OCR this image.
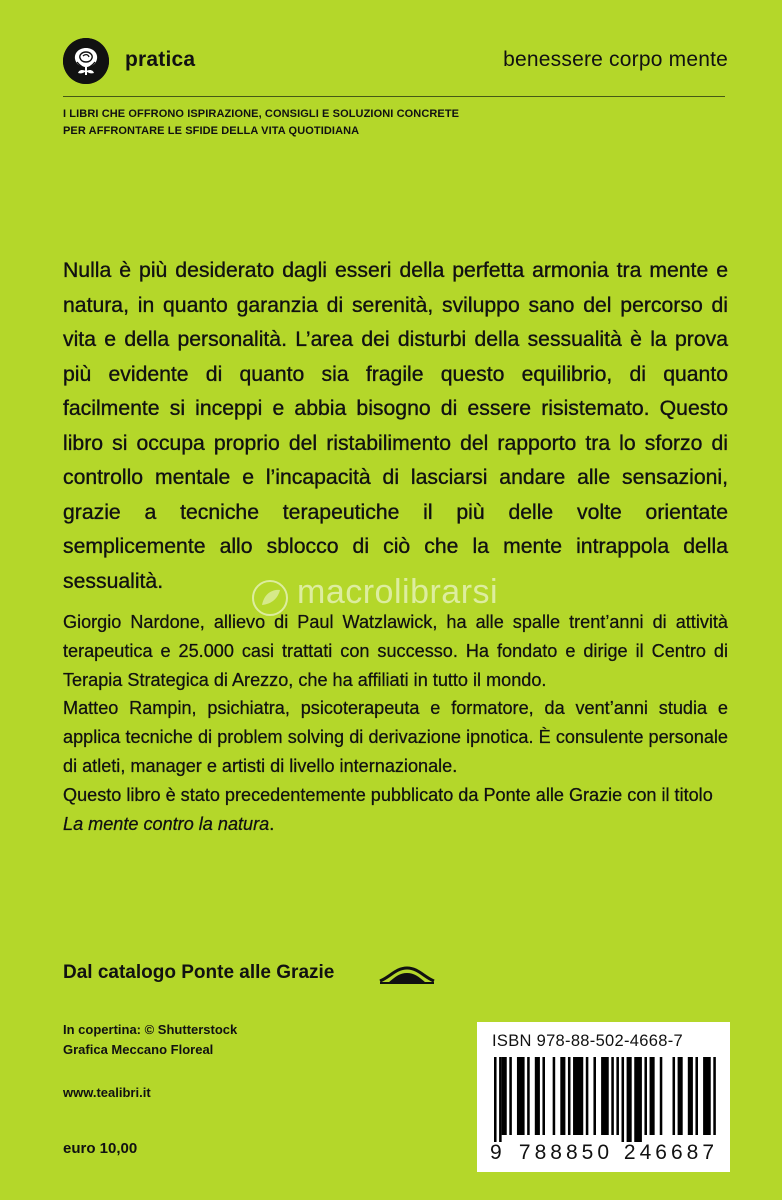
pratica	benessere corpo mente
I LIBRI CHE OFFRONO ISPIRAZIONE, CONSIGLI E SOLUZIONI CONCRETE
PER AFFRONTARE LE SFIDE DELLA VITA QUOTIDIANA
Nulla è più desiderato dagli esseri della perfetta armonia tra mente e natura, in quanto garanzia di serenità, sviluppo sano del percorso di vita e della personalità. L’area dei disturbi della sessualità è la prova più evidente di quanto sia fragile questo equilibrio, di quanto facilmente si inceppi e abbia bisogno di essere risistemato. Questo libro si occupa proprio del ristabilimento del rapporto tra lo sforzo di controllo mentale e l’incapacità di lasciarsi andare alle sensazioni, grazie a tecniche terapeutiche il più delle volte orientate semplicemente allo sblocco di ciò che la mente intrappola della sessualità.	macrolibrarsi

Giorgio Nardone, allievo di Paul Watzlawick, ha alle spalle trent’anni di attività terapeutica e 25.000 casi trattati con successo. Ha fondato e dirige il Centro di Terapia Strategica di Arezzo, che ha affiliati in tutto il mondo.

Matteo Rampin, psichiatra, psicoterapeuta e formatore, da vent’anni studia e applica tecniche di problem solving di derivazione ipnotica. È consulente personale di atleti, manager e artisti di livello internazionale.

Questo libro è stato precedentemente pubblicato da Ponte alle Grazie con il titolo
La mente contro la natura.

Dal catalogo Ponte alle Grazie
In copertina: © Shutterstock
Grafica Meccano Floreal
www.tealibri.it
euro 10,00
ISBN 978-88-502-4668-7
9 788850 246687
